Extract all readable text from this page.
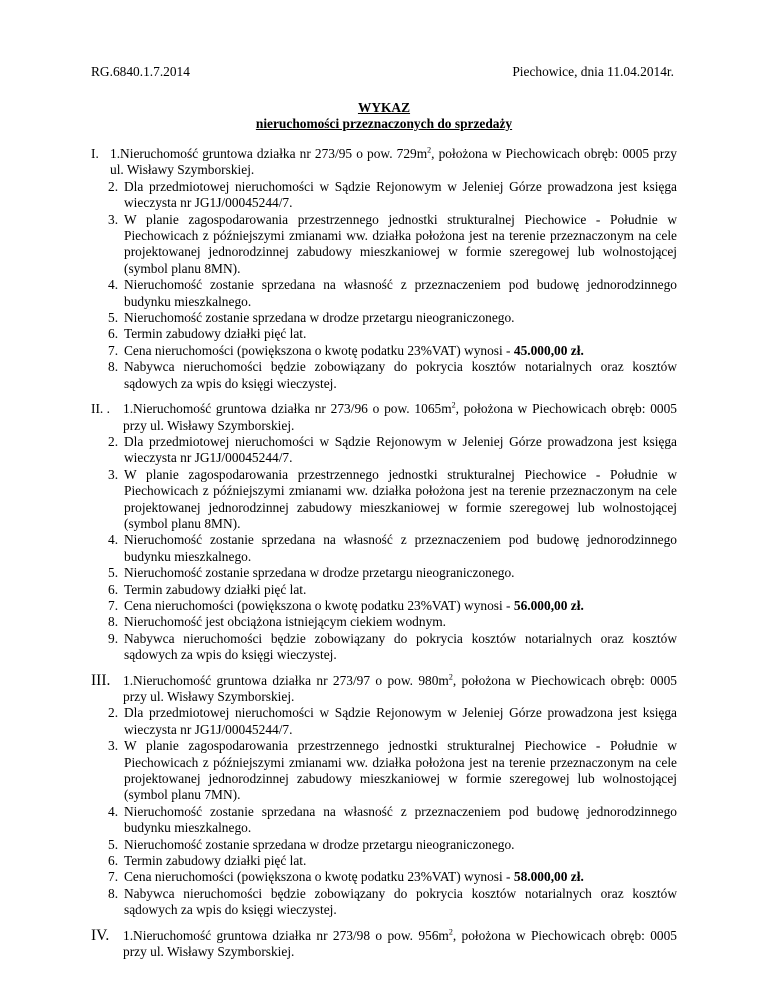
RG.6840.1.7.2014	Piechowice, dnia 11.04.2014r.
WYKAZ
nieruchomości przeznaczonych do sprzedaży
I. 1.Nieruchomość gruntowa działka nr 273/95 o pow. $729m^2$, położona w Piechowicach obręb: 0005 przy ul. Wisławy Szymborskiej.
2. Dla przedmiotowej nieruchomości w Sądzie Rejonowym w Jeleniej Górze prowadzona jest księga wieczysta nr JG1J/00045244/7.
3. W planie zagospodarowania przestrzennego jednostki strukturalnej Piechowice - Południe w Piechowicach z późniejszymi zmianami ww. działka położona jest na terenie przeznaczonym na cele projektowanej jednorodzinnej zabudowy mieszkaniowej w formie szeregowej lub wolnostojącej (symbol planu 8MN).
4. Nieruchomość zostanie sprzedana na własność z przeznaczeniem pod budowę jednorodzinnego budynku mieszkalnego.
5. Nieruchomość zostanie sprzedana w drodze przetargu nieograniczonego.
6. Termin zabudowy działki pięć lat.
7. Cena nieruchomości (powiększona o kwotę podatku 23%VAT) wynosi - 45.000,00 zł.
8. Nabywca nieruchomości będzie zobowiązany do pokrycia kosztów notarialnych oraz kosztów sądowych za wpis do księgi wieczystej.
II. . 1.Nieruchomość gruntowa działka nr 273/96 o pow. $1065m^2$, położona w Piechowicach obręb: 0005 przy ul. Wisławy Szymborskiej.
2. Dla przedmiotowej nieruchomości w Sądzie Rejonowym w Jeleniej Górze prowadzona jest księga wieczysta nr JG1J/00045244/7.
3. W planie zagospodarowania przestrzennego jednostki strukturalnej Piechowice - Południe w Piechowicach z późniejszymi zmianami ww. działka położona jest na terenie przeznaczonym na cele projektowanej jednorodzinnej zabudowy mieszkaniowej w formie szeregowej lub wolnostojącej (symbol planu 8MN).
4. Nieruchomość zostanie sprzedana na własność z przeznaczeniem pod budowę jednorodzinnego budynku mieszkalnego.
5. Nieruchomość zostanie sprzedana w drodze przetargu nieograniczonego.
6. Termin zabudowy działki pięć lat.
7. Cena nieruchomości (powiększona o kwotę podatku 23%VAT) wynosi - 56.000,00 zł.
8. Nieruchomość jest obciążona istniejącym ciekiem wodnym.
9. Nabywca nieruchomości będzie zobowiązany do pokrycia kosztów notarialnych oraz kosztów sądowych za wpis do księgi wieczystej.
III. 1.Nieruchomość gruntowa działka nr 273/97 o pow. $980m^2$, położona w Piechowicach obręb: 0005 przy ul. Wisławy Szymborskiej.
2. Dla przedmiotowej nieruchomości w Sądzie Rejonowym w Jeleniej Górze prowadzona jest księga wieczysta nr JG1J/00045244/7.
3. W planie zagospodarowania przestrzennego jednostki strukturalnej Piechowice - Południe w Piechowicach z późniejszymi zmianami ww. działka położona jest na terenie przeznaczonym na cele projektowanej jednorodzinnej zabudowy mieszkaniowej w formie szeregowej lub wolnostojącej (symbol planu 7MN).
4. Nieruchomość zostanie sprzedana na własność z przeznaczeniem pod budowę jednorodzinnego budynku mieszkalnego.
5. Nieruchomość zostanie sprzedana w drodze przetargu nieograniczonego.
6. Termin zabudowy działki pięć lat.
7. Cena nieruchomości (powiększona o kwotę podatku 23%VAT) wynosi - 58.000,00 zł.
8. Nabywca nieruchomości będzie zobowiązany do pokrycia kosztów notarialnych oraz kosztów sądowych za wpis do księgi wieczystej.
IV. 1.Nieruchomość gruntowa działka nr 273/98 o pow. $956m^2$, położona w Piechowicach obręb: 0005 przy ul. Wisławy Szymborskiej.
